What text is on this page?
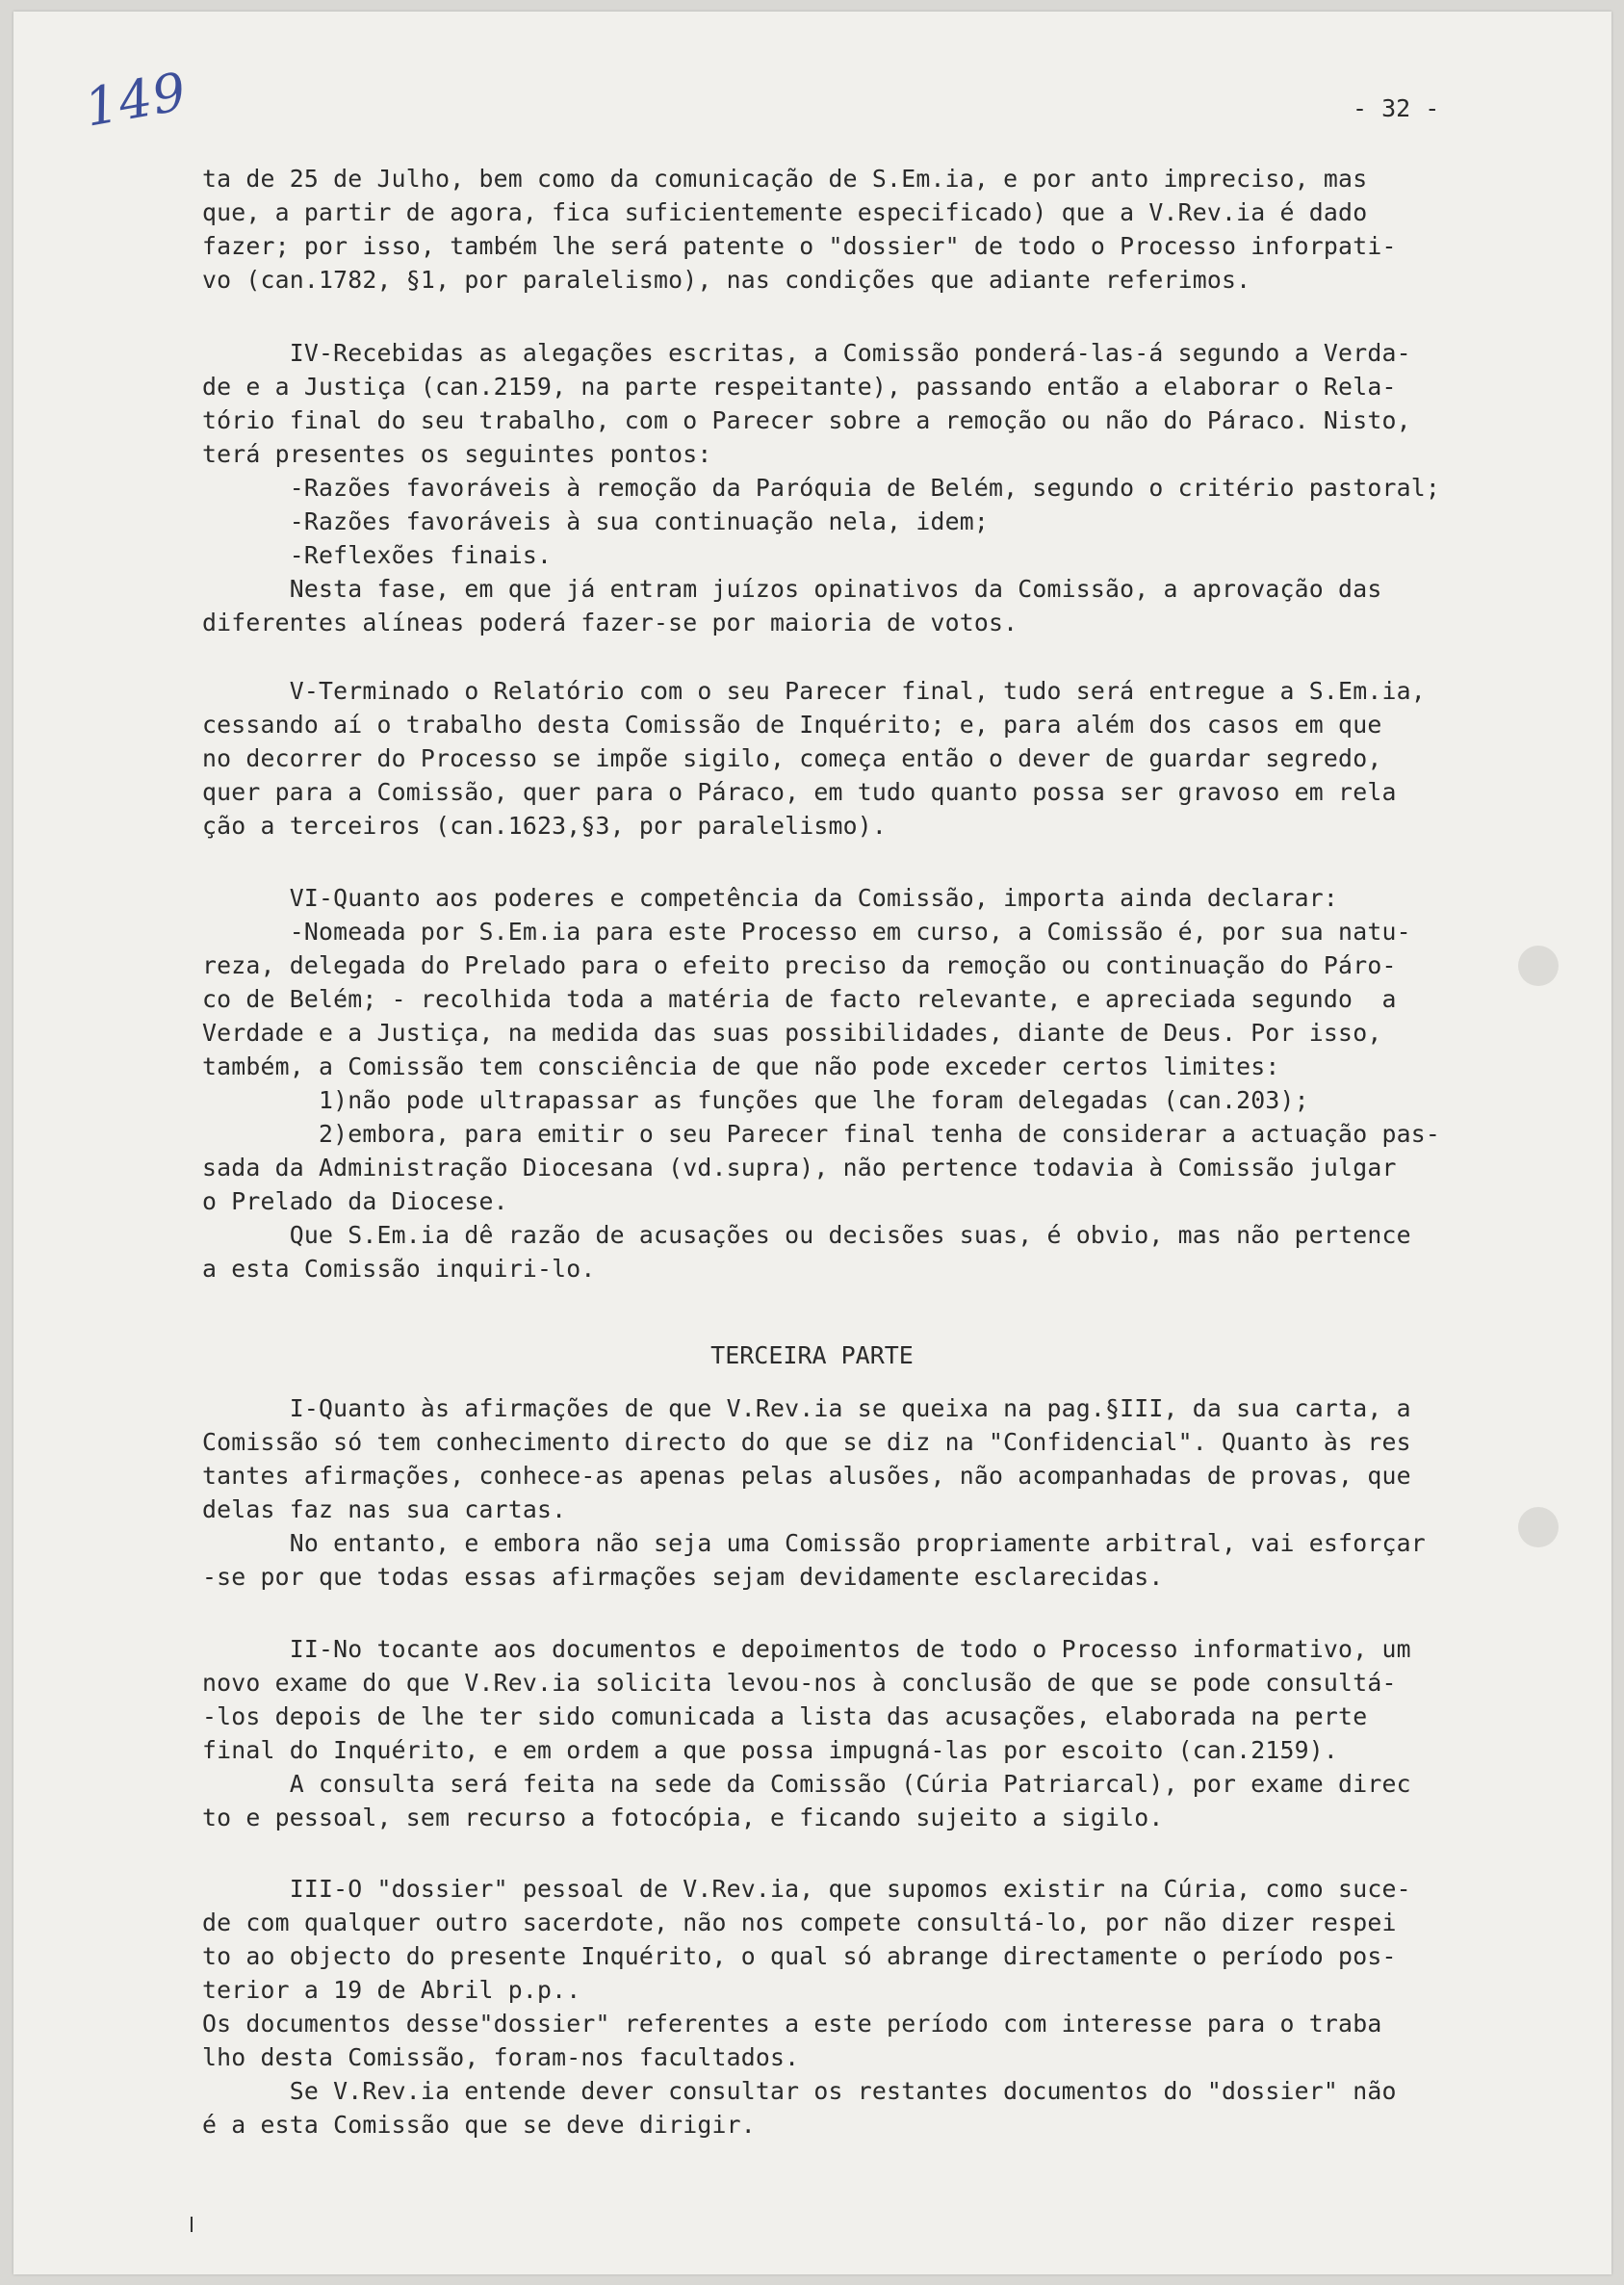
149	- 32 -
ta de 25 de Julho, bem como da comunicação de S.Em.ia, e por anto impreciso, mas
que, a partir de agora, fica suficientemente especificado) que a V.Rev.ia é dado
fazer; por isso, também lhe será patente o "dossier" de todo o Processo inforpati-
vo (can.1782, §1, por paralelismo), nas condições que adiante referimos.
IV-Recebidas as alegações escritas, a Comissão ponderá-las-á segundo a Verda-
de e a Justiça (can.2159, na parte respeitante), passando então a elaborar o Rela-
tório final do seu trabalho, com o Parecer sobre a remoção ou não do Páraco. Nisto,
terá presentes os seguintes pontos:
-Razões favoráveis à remoção da Paróquia de Belém, segundo o critério pastoral;
-Razões favoráveis à sua continuação nela, idem;
-Reflexões finais.
Nesta fase, em que já entram juízos opinativos da Comissão, a aprovação das
diferentes alíneas poderá fazer-se por maioria de votos.
V-Terminado o Relatório com o seu Parecer final, tudo será entregue a S.Em.ia,
cessando aí o trabalho desta Comissão de Inquérito; e, para além dos casos em que
no decorrer do Processo se impõe sigilo, começa então o dever de guardar segredo,
quer para a Comissão, quer para o Páraco, em tudo quanto possa ser gravoso em rela
ção a terceiros (can.1623,§3, por paralelismo).
VI-Quanto aos poderes e competência da Comissão, importa ainda declarar:
-Nomeada por S.Em.ia para este Processo em curso, a Comissão é, por sua natu-
reza, delegada do Prelado para o efeito preciso da remoção ou continuação do Páro-
co de Belém; - recolhida toda a matéria de facto relevante, e apreciada segundo  a
Verdade e a Justiça, na medida das suas possibilidades, diante de Deus. Por isso,
também, a Comissão tem consciência de que não pode exceder certos limites:
1)não pode ultrapassar as funções que lhe foram delegadas (can.203);
2)embora, para emitir o seu Parecer final tenha de considerar a actuação pas-
sada da Administração Diocesana (vd.supra), não pertence todavia à Comissão julgar
o Prelado da Diocese.
Que S.Em.ia dê razão de acusações ou decisões suas, é obvio, mas não pertence
a esta Comissão inquiri-lo.
I-Quanto às afirmações de que V.Rev.ia se queixa na pag.§III, da sua carta, a
Comissão só tem conhecimento directo do que se diz na "Confidencial". Quanto às res
tantes afirmações, conhece-as apenas pelas alusões, não acompanhadas de provas, que
delas faz nas sua cartas.
No entanto, e embora não seja uma Comissão propriamente arbitral, vai esforçar
-se por que todas essas afirmações sejam devidamente esclarecidas.
II-No tocante aos documentos e depoimentos de todo o Processo informativo, um
novo exame do que V.Rev.ia solicita levou-nos à conclusão de que se pode consultá-
-los depois de lhe ter sido comunicada a lista das acusações, elaborada na perte
final do Inquérito, e em ordem a que possa impugná-las por escoito (can.2159).
A consulta será feita na sede da Comissão (Cúria Patriarcal), por exame direc
to e pessoal, sem recurso a fotocópia, e ficando sujeito a sigilo.
III-O "dossier" pessoal de V.Rev.ia, que supomos existir na Cúria, como suce-
de com qualquer outro sacerdote, não nos compete consultá-lo, por não dizer respei
to ao objecto do presente Inquérito, o qual só abrange directamente o período pos-
terior a 19 de Abril p.p..
Os documentos desse"dossier" referentes a este período com interesse para o traba
lho desta Comissão, foram-nos facultados.
Se V.Rev.ia entende dever consultar os restantes documentos do "dossier" não
é a esta Comissão que se deve dirigir.
TERCEIRA PARTE
